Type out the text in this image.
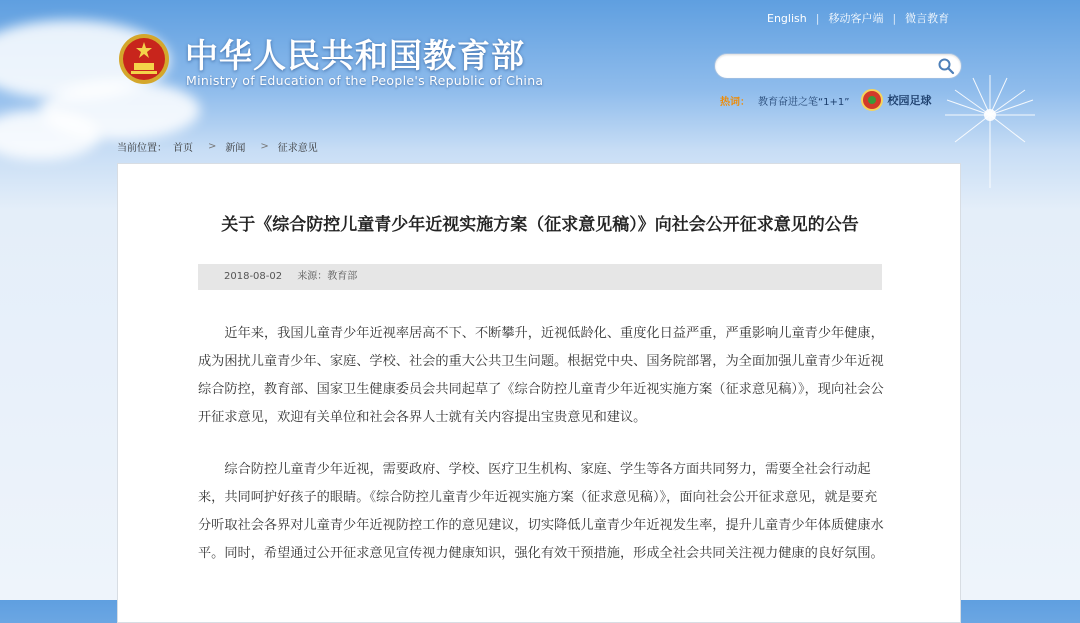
中华人民共和国教育部
Ministry of Education of the People's Republic of China
English | 移动客户端 | 微言教育
热词： 教育奋进之笔“1+1”	校园足球
当前位置： 首页 > 新闻 > 征求意见
关于《综合防控儿童青少年近视实施方案（征求意见稿）》向社会公开征求意见的公告
2018-08-02 来源：教育部

近年来，我国儿童青少年近视率居高不下、不断攀升，近视低龄化、重度化日益严重，严重影响儿童青少年健康，成为困扰儿童青少年、家庭、学校、社会的重大公共卫生问题。根据党中央、国务院部署，为全面加强儿童青少年近视综合防控，教育部、国家卫生健康委员会共同起草了《综合防控儿童青少年近视实施方案（征求意见稿）》，现向社会公开征求意见，欢迎有关单位和社会各界人士就有关内容提出宝贵意见和建议。

综合防控儿童青少年近视，需要政府、学校、医疗卫生机构、家庭、学生等各方面共同努力，需要全社会行动起来，共同呵护好孩子的眼睛。《综合防控儿童青少年近视实施方案（征求意见稿）》，面向社会公开征求意见，就是要充分听取社会各界对儿童青少年近视防控工作的意见建议，切实降低儿童青少年近视发生率，提升儿童青少年体质健康水平。同时，希望通过公开征求意见宣传视力健康知识，强化有效干预措施，形成全社会共同关注视力健康的良好氛围。
